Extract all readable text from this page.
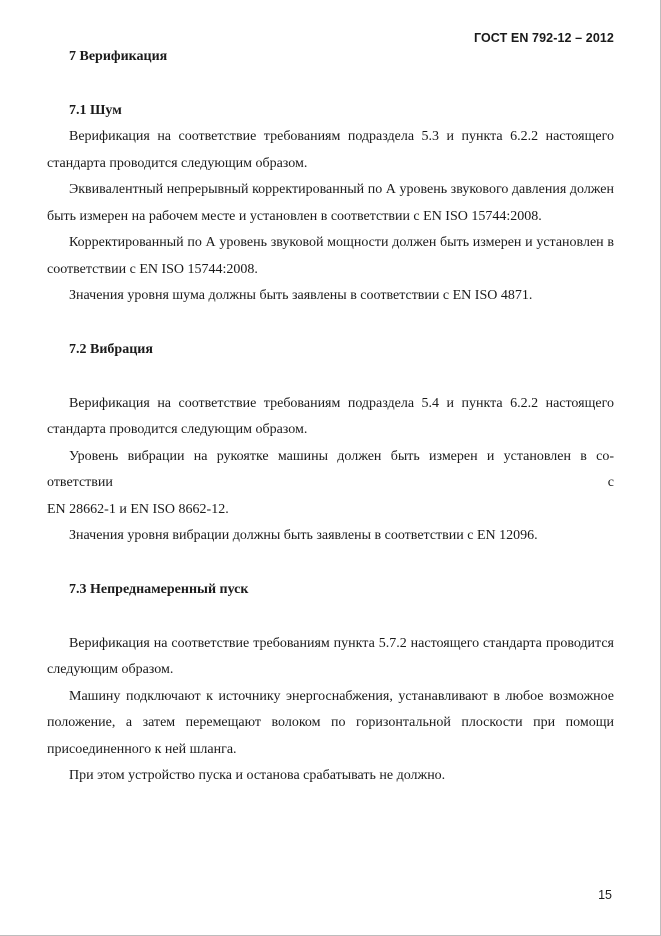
ГОСТ EN 792-12 – 2012
7 Верификация
7.1 Шум

Верификация на соответствие требованиям подраздела 5.3 и пункта 6.2.2 настоящего стандарта проводится следующим образом.

Эквивалентный непрерывный корректированный по А уровень звукового давления должен быть измерен на рабочем месте и установлен в соответствии с EN ISO 15744:2008.

Корректированный по А уровень звуковой мощности должен быть измерен и установлен в соответствии с EN ISO 15744:2008.

Значения уровня шума должны быть заявлены в соответствии с EN ISO 4871.

7.2 Вибрация

Верификация на соответствие требованиям подраздела 5.4 и пункта 6.2.2 настоящего стандарта проводится следующим образом.

Уровень вибрации на рукоятке машины должен быть измерен и установлен в со-

ответствии	с

EN 28662-1 и EN ISO 8662-12.

Значения уровня вибрации должны быть заявлены в соответствии с EN 12096.

7.3 Непреднамеренный пуск

Верификация на соответствие требованиям пункта 5.7.2 настоящего стандарта проводится следующим образом.

Машину подключают к источнику энергоснабжения, устанавливают в любое возможное положение, а затем перемещают волоком по горизонтальной плоскости при помощи присоединенного к ней шланга.

При этом устройство пуска и останова срабатывать не должно.

15
